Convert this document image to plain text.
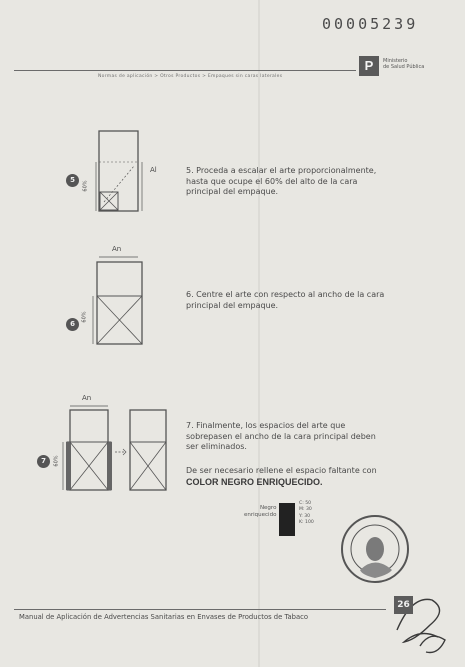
00005239
Normas de aplicación > Otros Productos > Empaques sin caras laterales
P	Ministerio
de Salud Pública
Al
60%
An
60%
An
60%
5
6
7
5. Proceda a escalar el arte proporcionalmente, hasta que ocupe el 60% del alto de la cara principal del empaque.
6. Centre el arte con respecto al ancho de la cara principal del empaque.
7. Finalmente, los espacios del arte que sobrepasen el ancho de la cara principal deben ser eliminados.
De ser necesario rellene el espacio faltante con
COLOR NEGRO ENRIQUECIDO.
Negro
enriquecido
C: 50
M: 30
Y: 30
K: 100
Manual de Aplicación de Advertencias Sanitarias en Envases de Productos de Tabaco
26
